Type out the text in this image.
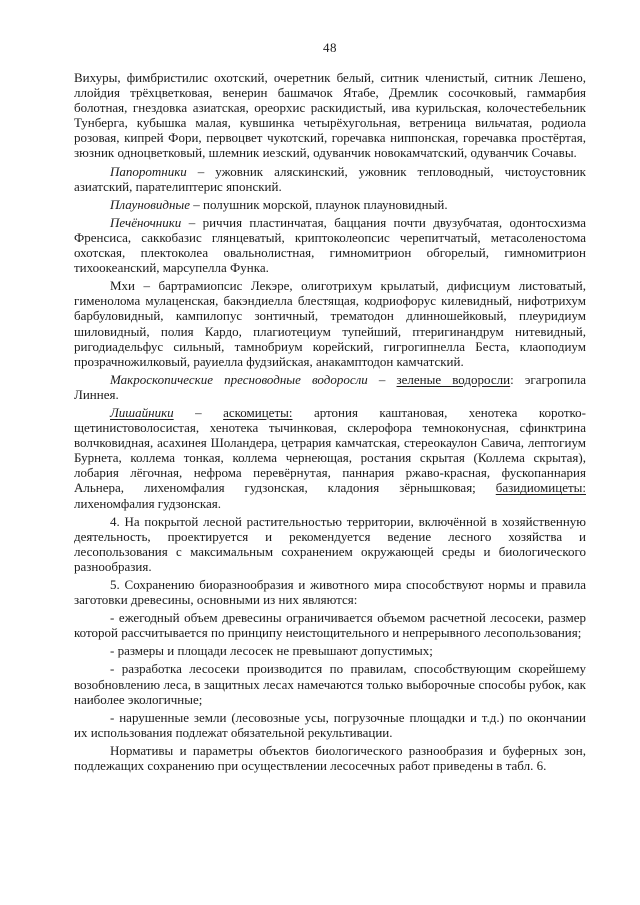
48

Вихуры, фимбристилис охотский, очеретник белый, ситник членистый, ситник Лешено, ллойдия трёхцветковая, венерин башмачок Ятабе, Дремлик сосочковый, гаммарбия болотная, гнездовка азиатская, ореорхис раскидистый, ива курильская, колочестебельник Тунберга, кубышка малая, кувшинка четырёхугольная, ветреница вильчатая, родиола розовая, кипрей Фори, первоцвет чукотский, горечавка ниппонская, горечавка простёртая, зюзник одноцветковый, шлемник иезский, одуванчик новокамчатский, одуванчик Сочавы.

Папоротники – ужовник аляскинский, ужовник тепловодный, чистоустовник азиатский, парателиптерис японский.

Плауновидные – полушник морской, плаунок плауновидный.

Печёночники – риччия пластинчатая, баццания почти двузубчатая, одонтосхизма Френсиса, саккобазис глянцеватый, криптоколеопсис черепитчатый, метасоленостома охотская, плектоколеа овальнолистная, гимномитрион обгорелый, гимномитрион тихоокеанский, марсупелла Функа.

Мхи – бартрамиопсис Лекэре, олиготрихум крылатый, дифисциум листоватый, гименолома мулаценская, бакэндиелла блестящая, кодриофорус килевидный, нифотрихум барбуловидный, кампилопус зонтичный, трематодон длинношейковый, плеуридиум шиловидный, полия Кардо, плагиотециум тупейший, птеригинандрум нитевидный, ригодиадельфус сильный, тамнобриум корейский, гигрогипнелла Беста, клаоподиум прозрачножилковый, рауиелла фудзийская, анакамптодон камчатский.

Макроскопические пресноводные водоросли – зеленые водоросли: эгагропила Линнея.

Лишайники – аскомицеты: артония каштановая, хенотека коротко-щетинистоволосистая, хенотека тычинковая, склерофора темноконусная, сфинктрина волчковидная, асахинея Шоландера, цетрария камчатская, стереокаулон Савича, лептогиум Бурнета, коллема тонкая, коллема чернеющая, ростания скрытая (Коллема скрытая), лобария лёгочная, нефрома перевёрнутая, паннария ржаво-красная, фускопаннария Альнера, лихеномфалия гудзонская, кладония зёрнышковая; базидиомицеты: лихеномфалия гудзонская.

4. На покрытой лесной растительностью территории, включённой в хозяйственную деятельность, проектируется и рекомендуется ведение лесного хозяйства и лесопользования с максимальным сохранением окружающей среды и биологического разнообразия.

5. Сохранению биоразнообразия и животного мира способствуют нормы и правила заготовки древесины, основными из них являются:

- ежегодный объем древесины ограничивается объемом расчетной лесосеки, размер которой рассчитывается по принципу неистощительного и непрерывного лесопользования;

- размеры и площади лесосек не превышают допустимых;

- разработка лесосеки производится по правилам, способствующим скорейшему возобновлению леса, в защитных лесах намечаются только выборочные способы рубок, как наиболее экологичные;

- нарушенные земли (лесовозные усы, погрузочные площадки и т.д.) по окончании их использования подлежат обязательной рекультивации.

Нормативы и параметры объектов биологического разнообразия и буферных зон, подлежащих сохранению при осуществлении лесосечных работ приведены в табл. 6.
